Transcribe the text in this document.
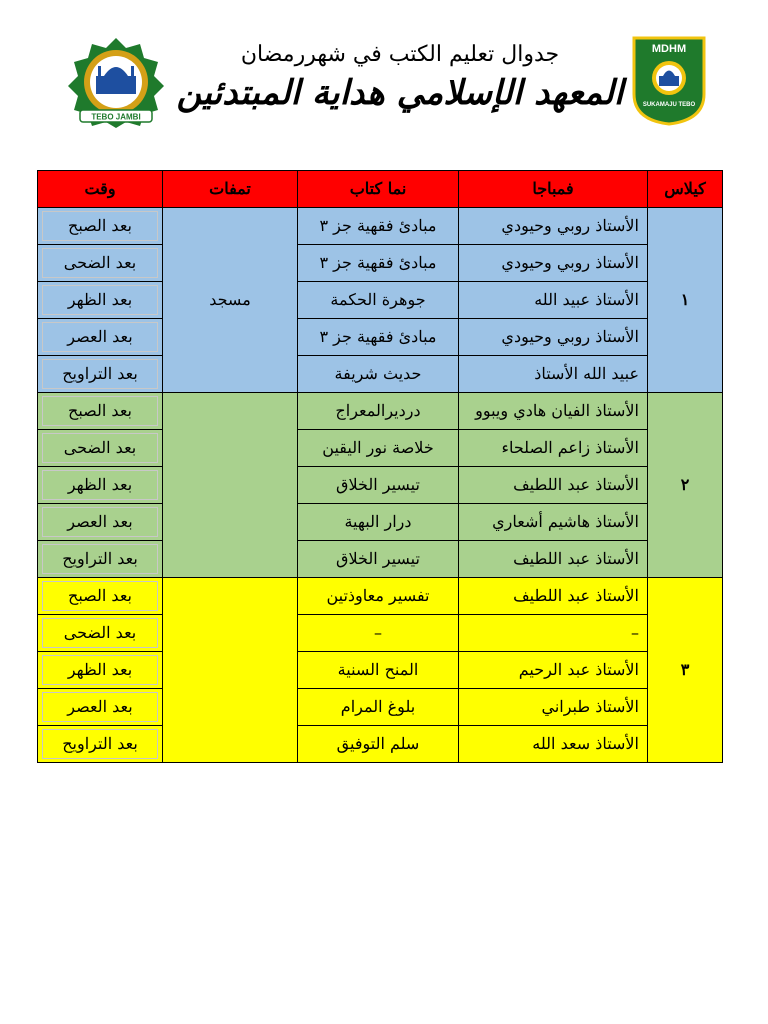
TEBO JAMBI
جدوال تعليم الكتب في شهررمضان
المعهد الإسلامي هداية المبتدئين
MDHM
SUKAMAJU TEBO
كيلاس	فمباجا	نما كتاب	تمفات	وقت
١	الأستاذ روبي وحيودي	مبادئ فقهية جز ٣	مسجد	بعد الصبح

	الأستاذ روبي وحيودي	مبادئ فقهية جز ٣		بعد الضحى

	الأستاذ عبيد الله	جوهرة الحكمة		بعد الظهر

	الأستاذ روبي وحيودي	مبادئ فقهية جز ٣		بعد العصر

	عبيد الله الأستاذ	حديث شريفة		بعد التراويح

٢	الأستاذ الفيان هادي ويبوو	درديرالمعراج		بعد الصبح

	الأستاذ زاعم الصلحاء	خلاصة نور اليقين		بعد الضحى

	الأستاذ عبد اللطيف	تيسير الخلاق		بعد الظهر

	الأستاذ هاشيم أشعاري	درار البهية		بعد العصر

	الأستاذ عبد اللطيف	تيسير الخلاق		بعد التراويح

٣	الأستاذ عبد اللطيف	تفسير معاوذتين		بعد الصبح

	–	–		بعد الضحى

	الأستاذ عبد الرحيم	المنح السنية		بعد الظهر

	الأستاذ طبراني	بلوغ المرام		بعد العصر

	الأستاذ سعد الله	سلم التوفيق		بعد التراويح
